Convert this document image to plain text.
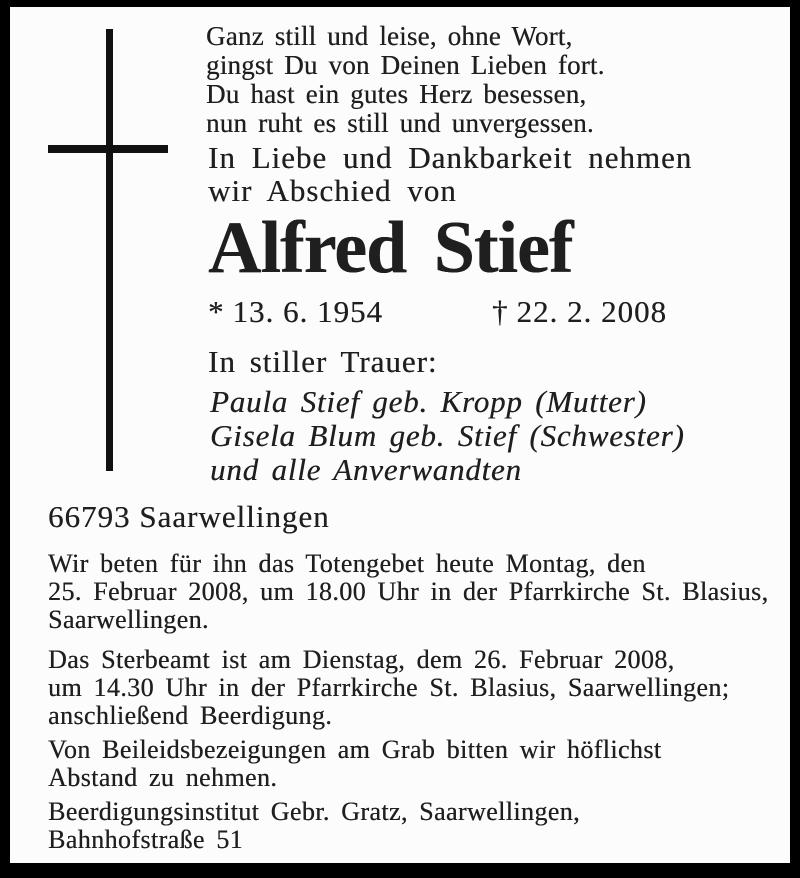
Ganz still und leise, ohne Wort,
gingst Du von Deinen Lieben fort.
Du hast ein gutes Herz besessen,
nun ruht es still und unvergessen.
In Liebe und Dankbarkeit nehmen
wir Abschied von
Alfred Stief
* 13. 6. 1954	† 22. 2. 2008
In stiller Trauer:
Paula Stief geb. Kropp (Mutter)
Gisela Blum geb. Stief (Schwester)
und alle Anverwandten
66793 Saarwellingen
Wir beten für ihn das Totengebet heute Montag, den
25. Februar 2008, um 18.00 Uhr in der Pfarrkirche St. Blasius,
Saarwellingen.
Das Sterbeamt ist am Dienstag, dem 26. Februar 2008,
um 14.30 Uhr in der Pfarrkirche St. Blasius, Saarwellingen;
anschließend Beerdigung.
Von Beileidsbezeigungen am Grab bitten wir höflichst
Abstand zu nehmen.
Beerdigungsinstitut Gebr. Gratz, Saarwellingen,
Bahnhofstraße 51
